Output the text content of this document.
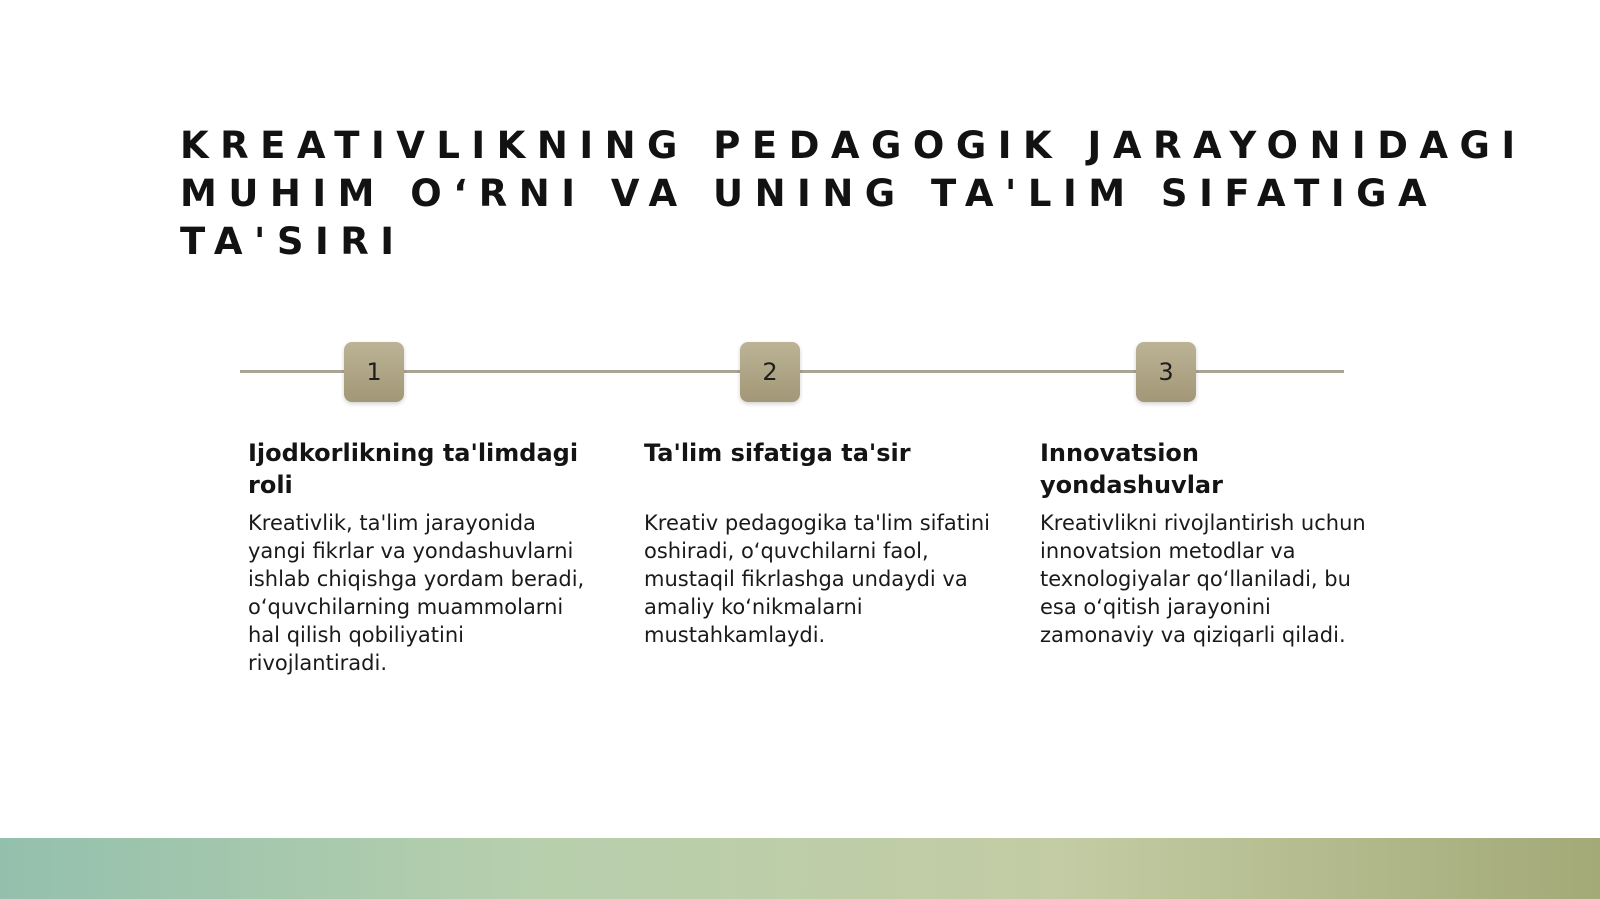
KREATIVLIKNING PEDAGOGIK JARAYONIDAGI MUHIM O‘RNI VA UNING TA'LIM SIFATIGA TA'SIRI
1	2	3
Ijodkorlikning ta'limdagi roli

Kreativlik, ta'lim jarayonida yangi fikrlar va yondashuvlarni ishlab chiqishga yordam beradi, o‘quvchilarning muammolarni hal qilish qobiliyatini rivojlantiradi.

Ta'lim sifatiga ta'sir

Kreativ pedagogika ta'lim sifatini oshiradi, o‘quvchilarni faol, mustaqil fikrlashga undaydi va amaliy ko‘nikmalarni mustahkamlaydi.

Innovatsion yondashuvlar

Kreativlikni rivojlantirish uchun innovatsion metodlar va texnologiyalar qo‘llaniladi, bu esa o‘qitish jarayonini zamonaviy va qiziqarli qiladi.
